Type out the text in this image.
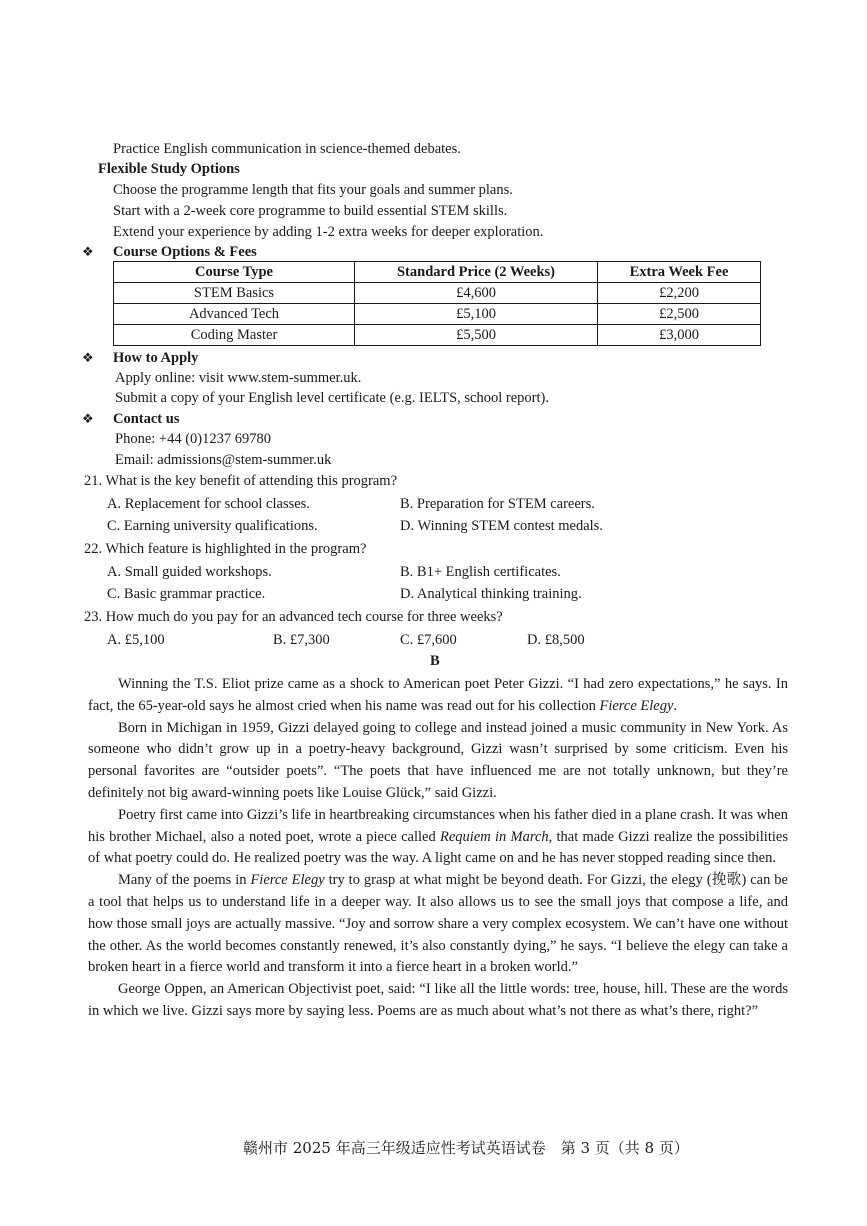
Practice English communication in science-themed debates.
Flexible Study Options
Choose the programme length that fits your goals and summer plans.
Start with a 2-week core programme to build essential STEM skills.
Extend your experience by adding 1-2 extra weeks for deeper exploration.
❖ Course Options & Fees
Course Type	Standard Price (2 Weeks)	Extra Week Fee
STEM Basics	£4,600	£2,200
Advanced Tech	£5,100	£2,500
Coding Master	£5,500	£3,000
❖ How to Apply
Apply online: visit www.stem-summer.uk.
Submit a copy of your English level certificate (e.g. IELTS, school report).
❖ Contact us
Phone: +44 (0)1237 69780
Email: admissions@stem-summer.uk
21. What is the key benefit of attending this program?
A. Replacement for school classes.	B. Preparation for STEM careers.
C. Earning university qualifications.	D. Winning STEM contest medals.
22. Which feature is highlighted in the program?
A. Small guided workshops.	B. B1+ English certificates.
C. Basic grammar practice.	D. Analytical thinking training.
23. How much do you pay for an advanced tech course for three weeks?
A. £5,100	B. £7,300	C. £7,600	D. £8,500
B

Winning the T.S. Eliot prize came as a shock to American poet Peter Gizzi. “I had zero expectations,” he says. In fact, the 65-year-old says he almost cried when his name was read out for his collection Fierce Elegy.

Born in Michigan in 1959, Gizzi delayed going to college and instead joined a music community in New York. As someone who didn’t grow up in a poetry-heavy background, Gizzi wasn’t surprised by some criticism. Even his personal favorites are “outsider poets”. “The poets that have influenced me are not totally unknown, but they’re definitely not big award-winning poets like Louise Glück,” said Gizzi.

Poetry first came into Gizzi’s life in heartbreaking circumstances when his father died in a plane crash. It was when his brother Michael, also a noted poet, wrote a piece called Requiem in March, that made Gizzi realize the possibilities of what poetry could do. He realized poetry was the way. A light came on and he has never stopped reading since then.

Many of the poems in Fierce Elegy try to grasp at what might be beyond death. For Gizzi, the elegy (挽歌) can be a tool that helps us to understand life in a deeper way. It also allows us to see the small joys that compose a life, and how those small joys are actually massive. “Joy and sorrow share a very complex ecosystem. We can’t have one without the other. As the world becomes constantly renewed, it’s also constantly dying,” he says. “I believe the elegy can take a broken heart in a fierce world and transform it into a fierce heart in a broken world.”

George Oppen, an American Objectivist poet, said: “I like all the little words: tree, house, hill. These are the words in which we live. Gizzi says more by saying less. Poems are as much about what’s not there as what’s there, right?”

赣州市 2025 年高三年级适应性考试英语试卷　第 3 页（共 8 页）
